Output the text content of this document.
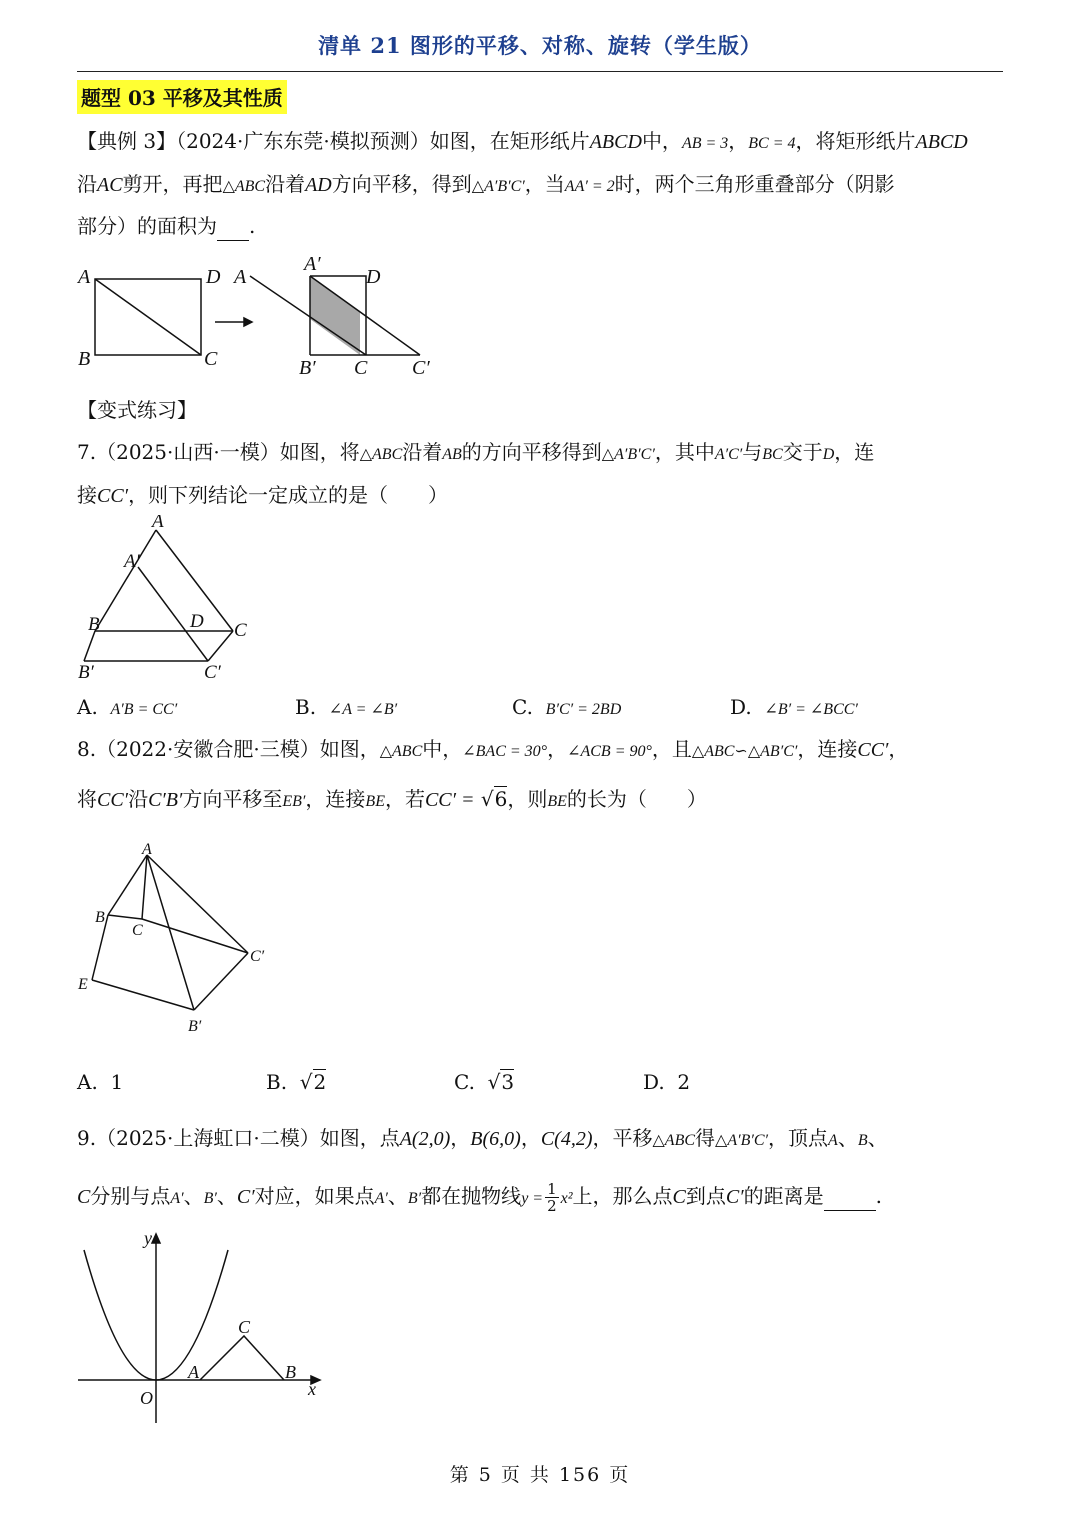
清单 21 图形的平移、对称、旋转（学生版）
题型 03 平移及其性质
【典例 3】（2024·广东东莞·模拟预测）如图，在矩形纸片ABCD中，AB = 3，BC = 4，将矩形纸片ABCD
沿AC剪开，再把△ABC沿着AD方向平移，得到△A′B′C′，当AA′ = 2时，两个三角形重叠部分（阴影
部分）的面积为 .
A	D
B	C
A
A′
D
B′ C C′
【变式练习】
7.（2025·山西·一模）如图，将△ABC沿着AB的方向平移得到△A′B′C′，其中A′C′与BC交于D，连
接CC′，则下列结论一定成立的是（　　）
A
A′
B	D C
B′	C′
A. A′B = CC′	B. ∠A = ∠B′	C. B′C′ = 2BD	D. ∠B′ = ∠BCC′
8.（2022·安徽合肥·三模）如图，△ABC中，∠BAC = 30°，∠ACB = 90°，且△ABC∽△AB′C′，连接CC′，
将CC′沿C′B′方向平移至EB′，连接BE，若CC′ = √6，则BE的长为（　　）
A
B
C
C′
E
B′
A. 1	B.  √2	C.  √3	D. 2
9.（2025·上海虹口·二模）如图，点A(2,0)，B(6,0)，C(4,2)，平移△ABC得△A′B′C′，顶点A、B、
C分别与点A′、B′、C′对应，如果点A′、B′都在抛物线$y = \frac{1}{2} x^2$上，那么点C到点C′的距离是	.
y
x
O
A	B
C
第 5 页 共 156 页
